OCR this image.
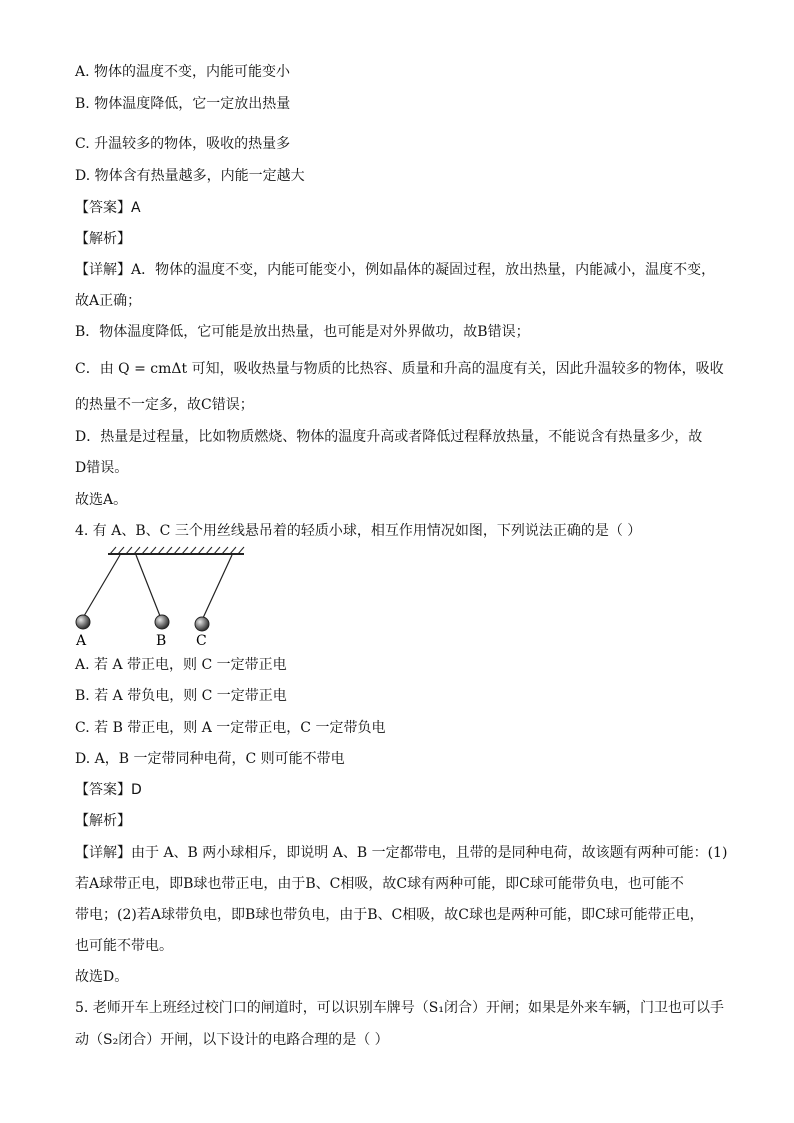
A. 物体的温度不变，内能可能变小
B. 物体温度降低，它一定放出热量
C. 升温较多的物体，吸收的热量多
D. 物体含有热量越多，内能一定越大
【答案】A
【解析】
【详解】A．物体的温度不变，内能可能变小，例如晶体的凝固过程，放出热量，内能减小，温度不变，
故A正确；
B．物体温度降低，它可能是放出热量，也可能是对外界做功，故B错误；
C．由 Q = cmΔt 可知，吸收热量与物质的比热容、质量和升高的温度有关，因此升温较多的物体，吸收
的热量不一定多，故C错误；
D．热量是过程量，比如物质燃烧、物体的温度升高或者降低过程释放热量，不能说含有热量多少，故
D错误。
故选A。
4. 有 A、B、C 三个用丝线悬吊着的轻质小球，相互作用情况如图，下列说法正确的是（ ）
A	B C
A. 若 A 带正电，则 C 一定带正电
B. 若 A 带负电，则 C 一定带正电
C. 若 B 带正电，则 A 一定带正电，C 一定带负电
D. A，B 一定带同种电荷，C 则可能不带电
【答案】D
【解析】
【详解】由于 A、B 两小球相斥，即说明 A、B 一定都带电，且带的是同种电荷，故该题有两种可能：(1)
若A球带正电，即B球也带正电，由于B、C相吸，故C球有两种可能，即C球可能带负电，也可能不
带电；(2)若A球带负电，即B球也带负电，由于B、C相吸，故C球也是两种可能，即C球可能带正电，
也可能不带电。
故选D。
5. 老师开车上班经过校门口的闸道时，可以识别车牌号（S₁闭合）开闸；如果是外来车辆，门卫也可以手
动（S₂闭合）开闸，以下设计的电路合理的是（ ）
